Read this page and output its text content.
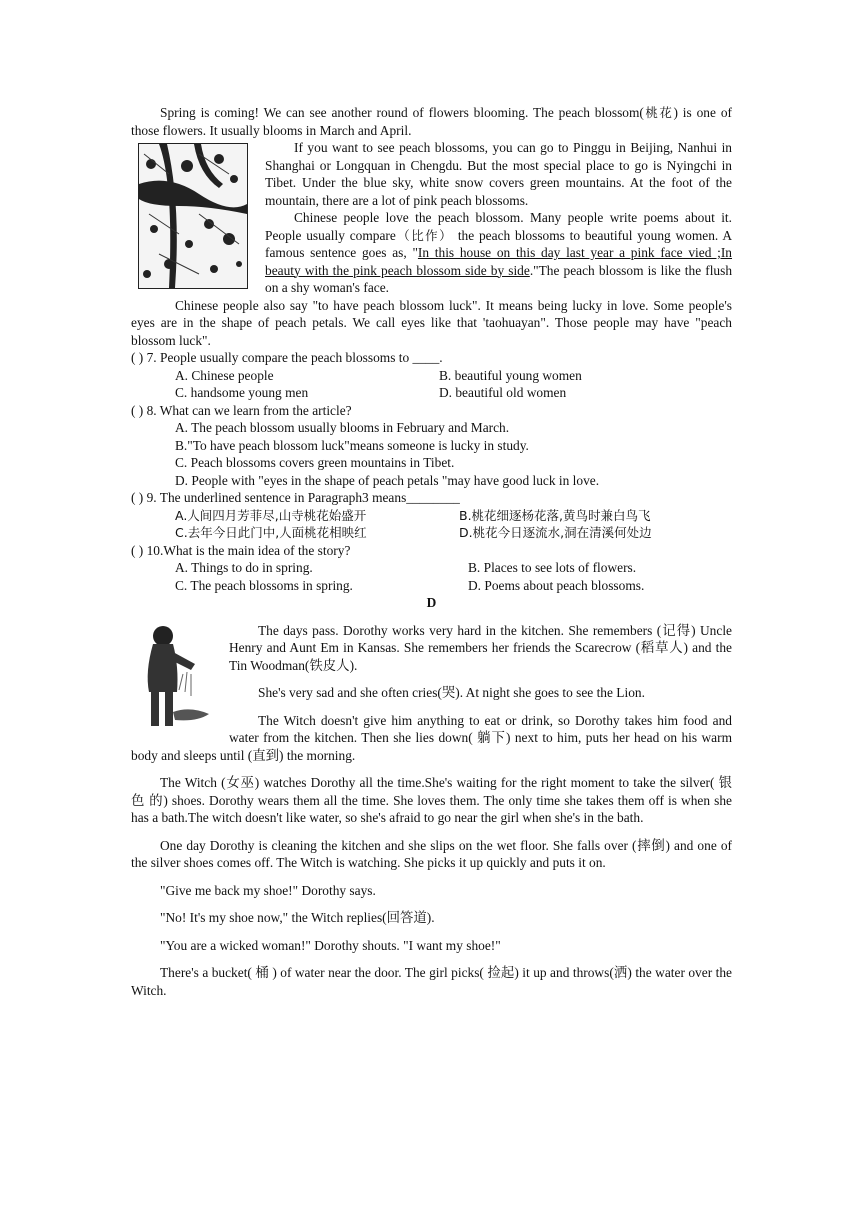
Spring is coming! We can see another round of flowers blooming. The peach blossom(桃花) is one of those flowers. It usually blooms in March and April.

If you want to see peach blossoms, you can go to Pinggu in Beijing, Nanhui in Shanghai or Longquan in Chengdu. But the most special place to go is Nyingchi in Tibet. Under the blue sky, white snow covers green mountains. At the foot of the mountain, there are a lot of pink peach blossoms.

Chinese people love the peach blossom. Many people write poems about it. People usually compare（比作） the peach blossoms to beautiful young women. A famous sentence goes as, "In this house on this day last year a pink face vied ;In beauty with the pink peach blossom side by side."The peach blossom is like the flush on a shy woman's face.

Chinese people also say "to have peach blossom luck". It means being lucky in love. Some people's eyes are in the shape of peach petals. We call eyes like that 'taohuayan". Those people may have "peach blossom luck".

( ) 7. People usually compare the peach blossoms to ____.
A. Chinese people	B. beautiful young women
C. handsome young men	D. beautiful old women
( ) 8. What can we learn from the article?
A. The peach blossom usually blooms in February and March.
B."To have peach blossom luck"means someone is lucky in study.
C. Peach blossoms covers green mountains in Tibet.
D. People with "eyes in the shape of peach petals "may have good luck in love.
( ) 9. The underlined sentence in Paragraph3 means________
A.人间四月芳菲尽,山寺桃花始盛开	B.桃花细逐杨花落,黄鸟时兼白鸟飞
C.去年今日此门中,人面桃花相映红	D.桃花今日逐流水,洞在清溪何处边
( ) 10.What is the main idea of the story?
A. Things to do in spring.	B. Places to see lots of flowers.
C. The peach blossoms in spring.	D. Poems about peach blossoms.

D

The days pass. Dorothy works very hard in the kitchen. She remembers (记得) Uncle Henry and Aunt Em in Kansas. She remembers her friends the Scarecrow (稻草人) and the Tin Woodman(铁皮人).

She's very sad and she often cries(哭). At night she goes to see the Lion.

The Witch doesn't give him anything to eat or drink, so Dorothy takes him food and water from the kitchen. Then she lies down( 躺下) next to him, puts her head on his warm body and sleeps until (直到) the morning.

The Witch (女巫) watches Dorothy all the time.She's waiting for the right moment to take the silver( 银 色 的) shoes. Dorothy wears them all the time. She loves them. The only time she takes them off is when she has a bath.The witch doesn't like water, so she's afraid to go near the girl when she's in the bath.

One day Dorothy is cleaning the kitchen and she slips on the wet floor. She falls over (摔倒) and one of the silver shoes comes off. The Witch is watching. She picks it up quickly and puts it on.

"Give me back my shoe!" Dorothy says.

"No! It's my shoe now," the Witch replies(回答道).

"You are a wicked woman!" Dorothy shouts. "I want my shoe!"

There's a bucket( 桶 ) of water near the door. The girl picks( 捡起) it up and throws(洒) the water over the Witch.
